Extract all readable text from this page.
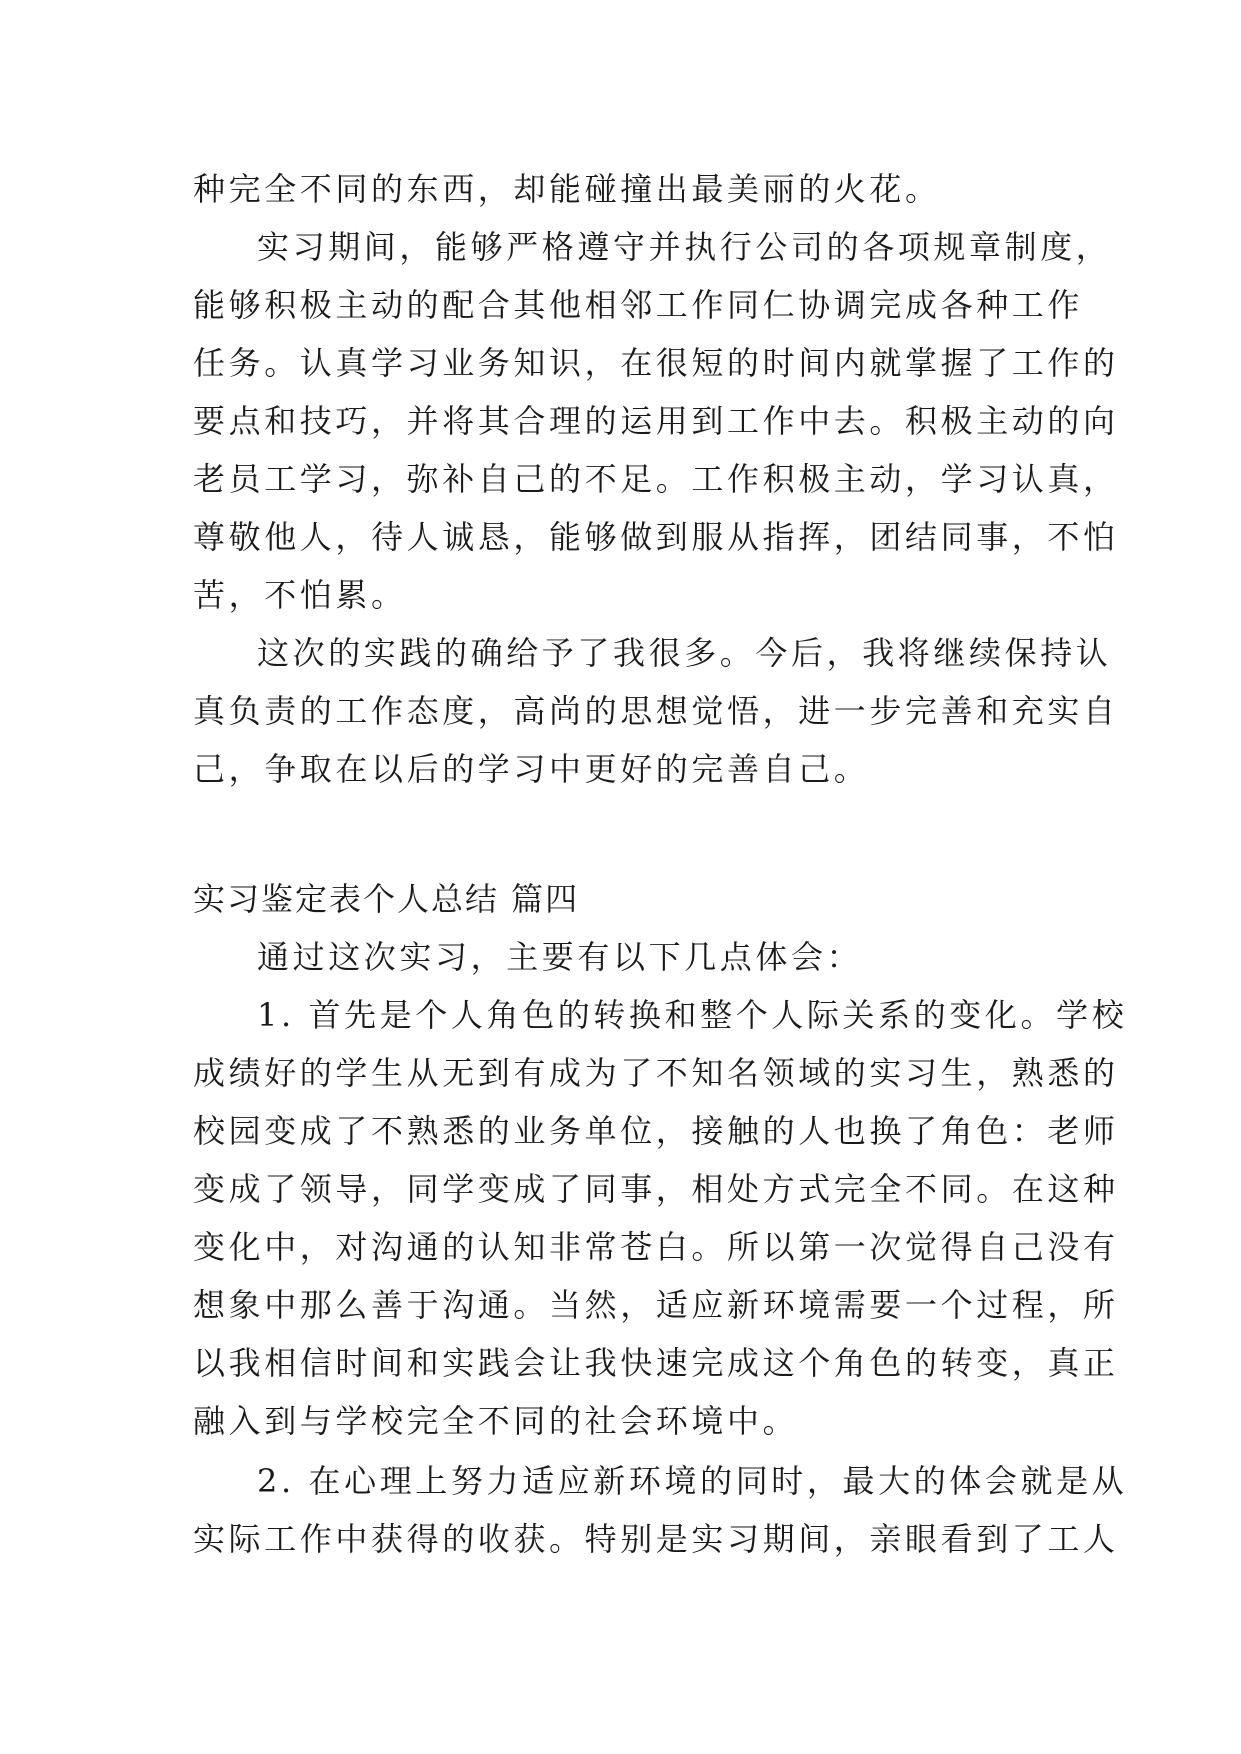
种完全不同的东西，却能碰撞出最美丽的火花。
实习期间，能够严格遵守并执行公司的各项规章制度，
能够积极主动的配合其他相邻工作同仁协调完成各种工作
任务。认真学习业务知识，在很短的时间内就掌握了工作的
要点和技巧，并将其合理的运用到工作中去。积极主动的向
老员工学习，弥补自己的不足。工作积极主动，学习认真，
尊敬他人，待人诚恳，能够做到服从指挥，团结同事，不怕
苦，不怕累。
这次的实践的确给予了我很多。今后，我将继续保持认
真负责的工作态度，高尚的思想觉悟，进一步完善和充实自
己，争取在以后的学习中更好的完善自己。
实习鉴定表个人总结 篇四
通过这次实习，主要有以下几点体会：
1. 首先是个人角色的转换和整个人际关系的变化。学校
成绩好的学生从无到有成为了不知名领域的实习生，熟悉的
校园变成了不熟悉的业务单位，接触的人也换了角色：老师
变成了领导，同学变成了同事，相处方式完全不同。在这种
变化中，对沟通的认知非常苍白。所以第一次觉得自己没有
想象中那么善于沟通。当然，适应新环境需要一个过程，所
以我相信时间和实践会让我快速完成这个角色的转变，真正
融入到与学校完全不同的社会环境中。
2. 在心理上努力适应新环境的同时，最大的体会就是从
实际工作中获得的收获。特别是实习期间，亲眼看到了工人
